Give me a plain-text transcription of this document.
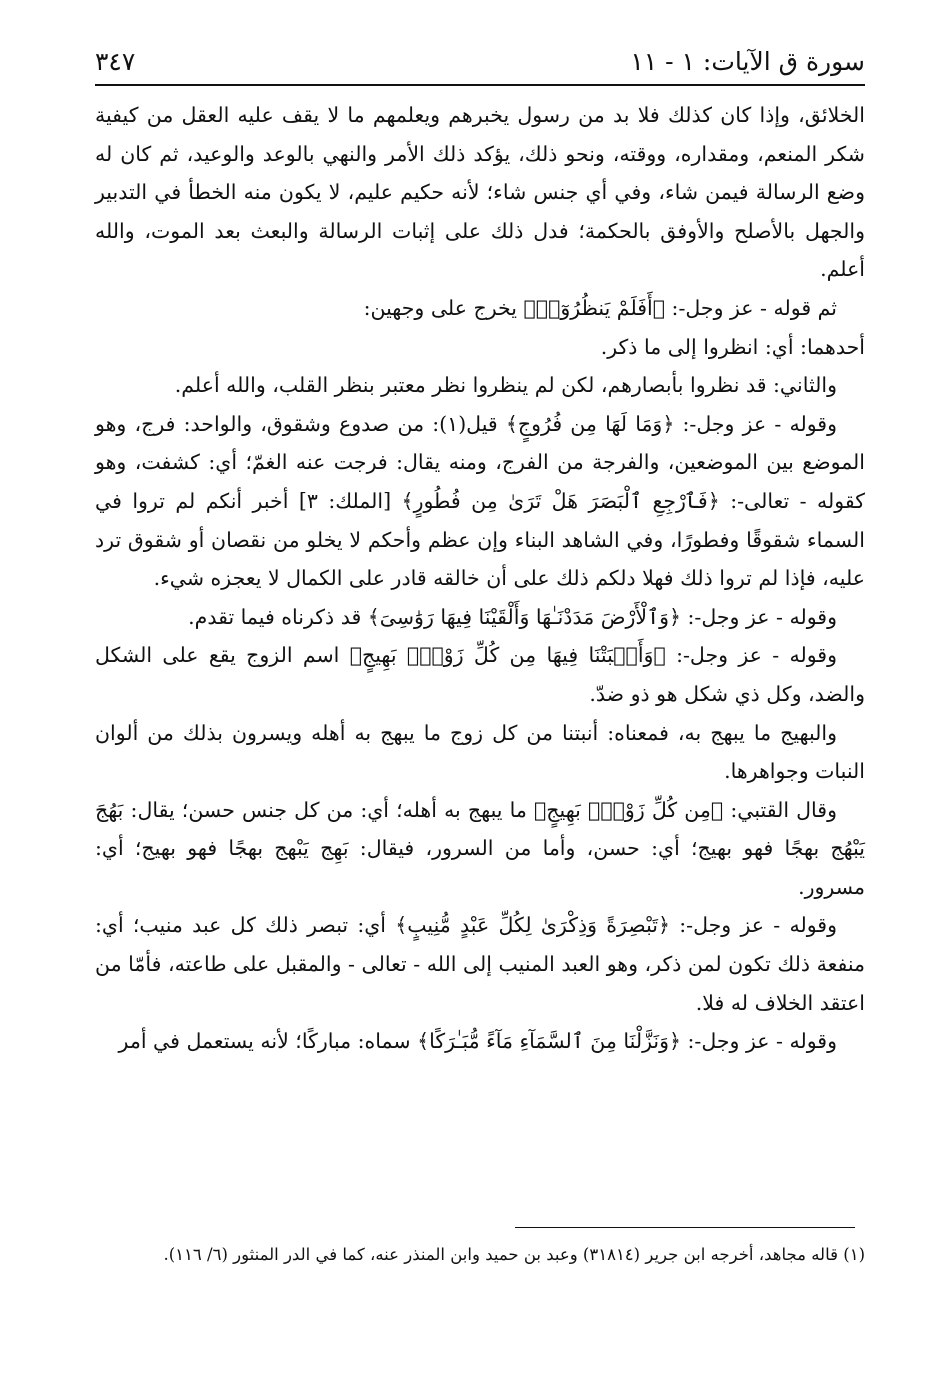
سورة ق الآيات: ١ - ١١
٣٤٧

الخلائق، وإذا كان كذلك فلا بد من رسول يخبرهم ويعلمهم ما لا يقف عليه العقل من كيفية شكر المنعم، ومقداره، ووقته، ونحو ذلك، يؤكد ذلك الأمر والنهي بالوعد والوعيد، ثم كان له وضع الرسالة فيمن شاء، وفي أي جنس شاء؛ لأنه حكيم عليم، لا يكون منه الخطأ في التدبير والجهل بالأصلح والأوفق بالحكمة؛ فدل ذلك على إثبات الرسالة والبعث بعد الموت، والله أعلم.

ثم قوله - عز وجل-: ﴿أَفَلَمْ يَنظُرُوٓا۟﴾ يخرج على وجهين:

أحدهما: أي: انظروا إلى ما ذكر.

والثاني: قد نظروا بأبصارهم، لكن لم ينظروا نظر معتبر بنظر القلب، والله أعلم.

وقوله - عز وجل-: ﴿وَمَا لَهَا مِن فُرُوجٍ﴾ قيل(١): من صدوع وشقوق، والواحد: فرج، وهو الموضع بين الموضعين، والفرجة من الفرج، ومنه يقال: فرجت عنه الغمّ؛ أي: كشفت، وهو كقوله - تعالى-: ﴿فَٱرْجِعِ ٱلْبَصَرَ هَلْ تَرَىٰ مِن فُطُورٍ﴾ [الملك: ٣] أخبر أنكم لم تروا في السماء شقوقًا وفطورًا، وفي الشاهد البناء وإن عظم وأحكم لا يخلو من نقصان أو شقوق ترد عليه، فإذا لم تروا ذلك فهلا دلكم ذلك على أن خالقه قادر على الكمال لا يعجزه شيء.

وقوله - عز وجل-: ﴿وَٱلْأَرْضَ مَدَدْنَـٰهَا وَأَلْقَيْنَا فِيهَا رَوَٰسِىَ﴾ قد ذكرناه فيما تقدم.

وقوله - عز وجل-: ﴿وَأَنۢبَتْنَا فِيهَا مِن كُلِّ زَوْجٍۭ بَهِيجٍ﴾ اسم الزوج يقع على الشكل والضد، وكل ذي شكل هو ذو ضدّ.

والبهيج ما يبهج به، فمعناه: أنبتنا من كل زوج ما يبهج به أهله ويسرون بذلك من ألوان النبات وجواهرها.

وقال القتبي: ﴿مِن كُلِّ زَوْجٍۭ بَهِيجٍ﴾ ما يبهج به أهله؛ أي: من كل جنس حسن؛ يقال: بَهُجَ يَبْهُج بهجًا فهو بهيج؛ أي: حسن، وأما من السرور، فيقال: بَهِج يَبْهج بهجًا فهو بهيج؛ أي: مسرور.

وقوله - عز وجل-: ﴿تَبْصِرَةً وَذِكْرَىٰ لِكُلِّ عَبْدٍ مُّنِيبٍ﴾ أي: تبصر ذلك كل عبد منيب؛ أي: منفعة ذلك تكون لمن ذكر، وهو العبد المنيب إلى الله - تعالى - والمقبل على طاعته، فأمّا من اعتقد الخلاف له فلا.

وقوله - عز وجل-: ﴿وَنَزَّلْنَا مِنَ ٱلسَّمَآءِ مَآءً مُّبَـٰرَكًا﴾ سماه: مباركًا؛ لأنه يستعمل في أمر

(١) قاله مجاهد، أخرجه ابن جرير (٣١٨١٤) وعبد بن حميد وابن المنذر عنه، كما في الدر المنثور (٦/ ١١٦).
